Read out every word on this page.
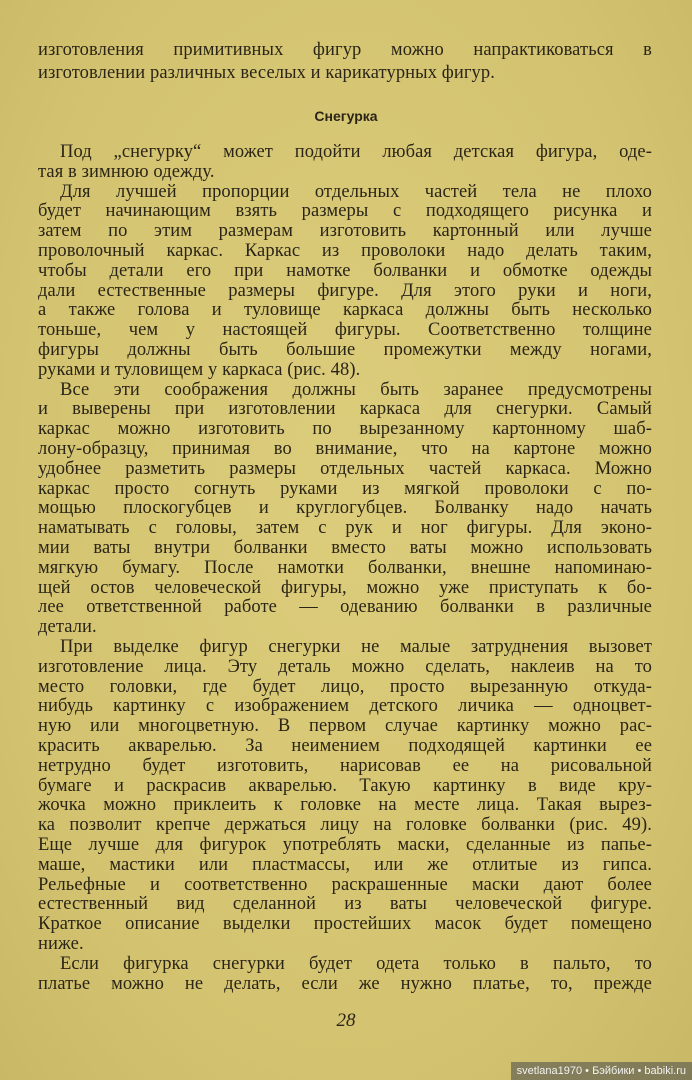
изготовления примитивных фигур можно напрактиковаться в
изготовлении различных веселых и карикатурных фигур.
Снегурка
Под „снегурку“ может подойти любая детская фигура, оде-
тая в зимнюю одежду.
Для лучшей пропорции отдельных частей тела не плохо
будет начинающим взять размеры с подходящего рисунка и
затем по этим размерам изготовить картонный или лучше
проволочный каркас. Каркас из проволоки надо делать таким,
чтобы детали его при намотке болванки и обмотке одежды
дали естественные размеры фигуре. Для этого руки и ноги,
а также голова и туловище каркаса должны быть несколько
тоньше, чем у настоящей фигуры. Соответственно толщине
фигуры должны быть большие промежутки между ногами,
руками и туловищем у каркаса (рис. 48).
Все эти соображения должны быть заранее предусмотрены
и выверены при изготовлении каркаса для снегурки. Самый
каркас можно изготовить по вырезанному картонному шаб-
лону-образцу, принимая во внимание, что на картоне можно
удобнее разметить размеры отдельных частей каркаса. Можно
каркас просто согнуть руками из мягкой проволоки с по-
мощью плоскогубцев и круглогубцев. Болванку надо начать
наматывать с головы, затем с рук и ног фигуры. Для эконо-
мии ваты внутри болванки вместо ваты можно использовать
мягкую бумагу. После намотки болванки, внешне напоминаю-
щей остов человеческой фигуры, можно уже приступать к бо-
лее ответственной работе — одеванию болванки в различные
детали.
При выделке фигур снегурки не малые затруднения вызовет
изготовление лица. Эту деталь можно сделать, наклеив на то
место головки, где будет лицо, просто вырезанную откуда-
нибудь картинку с изображением детского личика — одноцвет-
ную или многоцветную. В первом случае картинку можно рас-
красить акварелью. За неимением подходящей картинки ее
нетрудно будет изготовить, нарисовав ее на рисовальной
бумаге и раскрасив акварелью. Такую картинку в виде кру-
жочка можно приклеить к головке на месте лица. Такая вырез-
ка позволит крепче держаться лицу на головке болванки (рис. 49).
Еще лучше для фигурок употреблять маски, сделанные из папье-
маше, мастики или пластмассы, или же отлитые из гипса.
Рельефные и соответственно раскрашенные маски дают более
естественный вид сделанной из ваты человеческой фигуре.
Краткое описание выделки простейших масок будет помещено
ниже.
Если фигурка снегурки будет одета только в пальто, то
платье можно не делать, если же нужно платье, то, прежде
28
svetlana1970 • Бэйбики • babiki.ru
